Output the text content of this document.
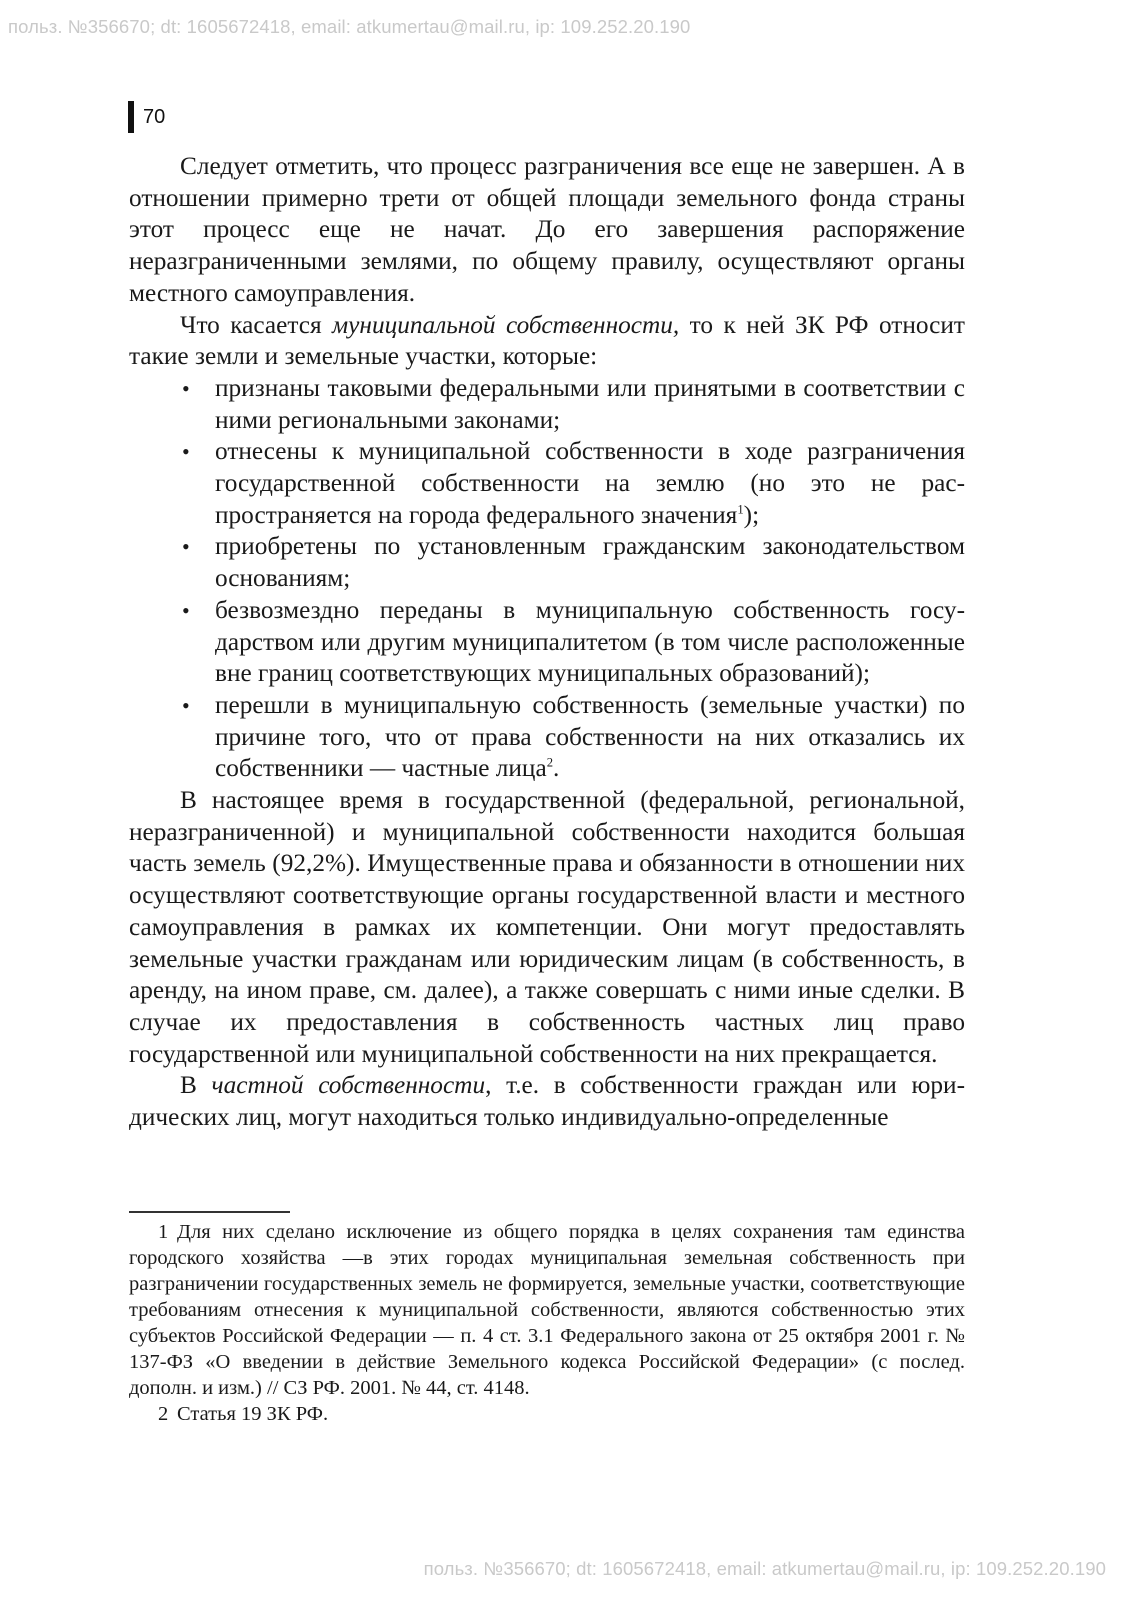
польз. №356670; dt: 1605672418, email: atkumertau@mail.ru, ip: 109.252.20.190
70

Следует отметить, что процесс разграничения все еще не завершен. А в отношении примерно трети от общей площади земельного фонда страны этот процесс еще не начат. До его завершения распоряжение неразграниченными землями, по общему правилу, осуществляют органы местного самоуправления.

Что касается муниципальной собственности, то к ней ЗК РФ относит такие земли и земельные участки, которые:

• признаны таковыми федеральными или принятыми в соответствии с ними региональными законами;
• отнесены к муниципальной собственности в ходе разграничения государственной собственности на землю (но это не распространяется на города федерального значения$^1$);
• приобретены по установленным гражданским законодательством основаниям;
• безвозмездно переданы в муниципальную собственность государством или другим муниципалитетом (в том числе расположенные вне границ соответствующих муниципальных образований);
• перешли в муниципальную собственность (земельные участки) по причине того, что от права собственности на них отказались их собственники — частные лица$^2$.

В настоящее время в государственной (федеральной, региональной, неразграниченной) и муниципальной собственности находится большая часть земель (92,2%). Имущественные права и обязанности в отношении них осуществляют соответствующие органы государственной власти и местного самоуправления в рамках их компетенции. Они могут предоставлять земельные участки гражданам или юридическим лицам (в собственность, в аренду, на ином праве, см. далее), а также совершать с ними иные сделки. В случае их предоставления в собственность частных лиц право государственной или муниципальной собственности на них прекращается.

В частной собственности, т.е. в собственности граждан или юридических лиц, могут находиться только индивидуально-определенные

1 Для них сделано исключение из общего порядка в целях сохранения там единства городского хозяйства —в этих городах муниципальная земельная собственность при разграничении государственных земель не формируется, земельные участки, соответствующие требованиям отнесения к муниципальной собственности, являются собственностью этих субъектов Российской Федерации — п. 4 ст. 3.1 Федерального закона от 25 октября 2001 г. № 137-ФЗ «О введении в действие Земельного кодекса Российской Федерации» (с послед. дополн. и изм.) // СЗ РФ. 2001. № 44, ст. 4148.

2 Статья 19 ЗК РФ.

польз. №356670; dt: 1605672418, email: atkumertau@mail.ru, ip: 109.252.20.190
